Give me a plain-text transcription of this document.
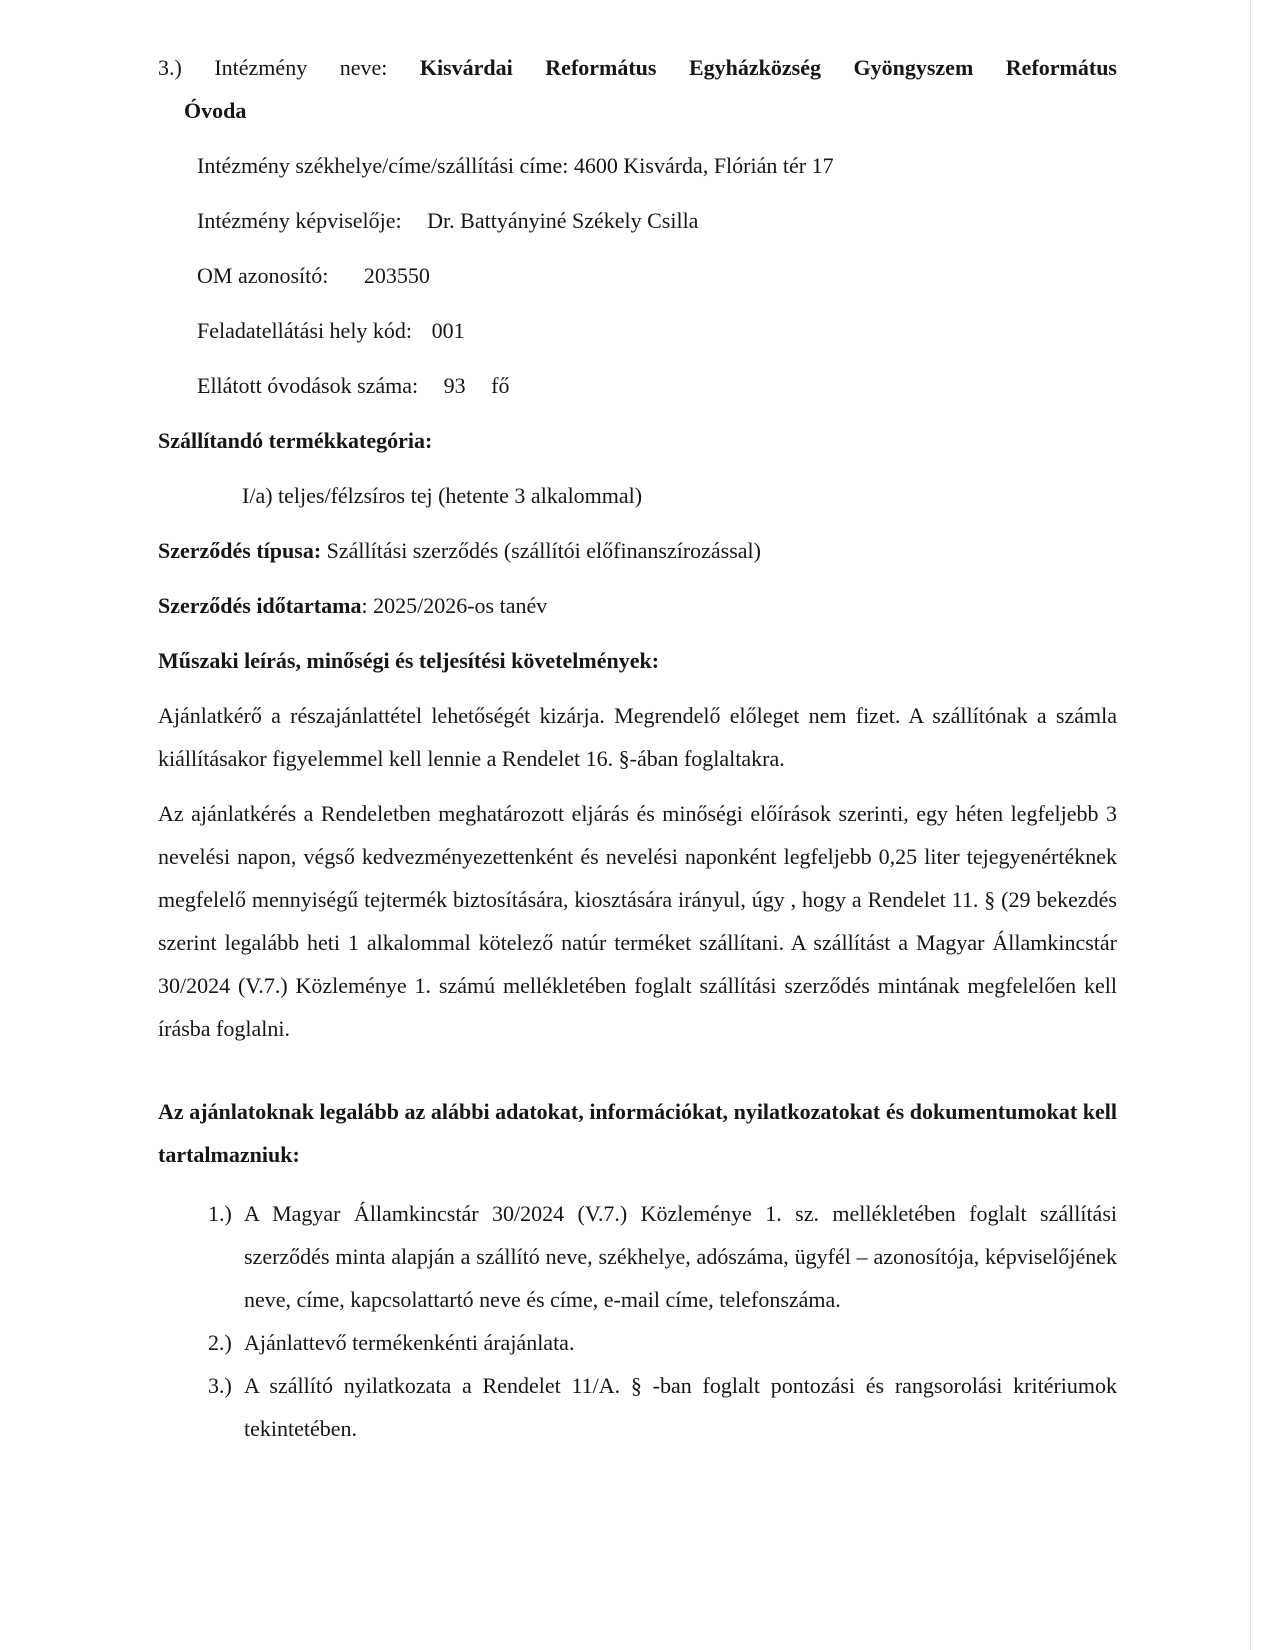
3.) Intézmény neve: Kisvárdai Református Egyházközség Gyöngyszem Református
Óvoda
Intézmény székhelye/címe/szállítási címe: 4600 Kisvárda, Flórián tér 17
Intézmény képviselője: Dr. Battyányiné Székely Csilla
OM azonosító: 203550
Feladatellátási hely kód: 001
Ellátott óvodások száma: 93 fő
Szállítandó termékkategória:
I/a) teljes/félzsíros tej (hetente 3 alkalommal)
Szerződés típusa: Szállítási szerződés (szállítói előfinanszírozással)
Szerződés időtartama: 2025/2026-os tanév
Műszaki leírás, minőségi és teljesítési követelmények:
Ajánlatkérő a részajánlattétel lehetőségét kizárja. Megrendelő előleget nem fizet. A szállítónak a számla kiállításakor figyelemmel kell lennie a Rendelet 16. §-ában foglaltakra.
Az ajánlatkérés a Rendeletben meghatározott eljárás és minőségi előírások szerinti, egy héten legfeljebb 3 nevelési napon, végső kedvezményezettenként és nevelési naponként legfeljebb 0,25 liter tejegyenértéknek megfelelő mennyiségű tejtermék biztosítására, kiosztására irányul, úgy , hogy a Rendelet 11. § (29 bekezdés szerint legalább heti 1 alkalommal kötelező natúr terméket szállítani. A szállítást a Magyar Államkincstár 30/2024 (V.7.) Közleménye 1. számú mellékletében foglalt szállítási szerződés mintának megfelelően kell írásba foglalni.
Az ajánlatoknak legalább az alábbi adatokat, információkat, nyilatkozatokat és dokumentumokat kell tartalmazniuk:
1.) A Magyar Államkincstár 30/2024 (V.7.) Közleménye 1. sz. mellékletében foglalt szállítási szerződés minta alapján a szállító neve, székhelye, adószáma, ügyfél – azonosítója, képviselőjének neve, címe, kapcsolattartó neve és címe, e-mail címe, telefonszáma.
2.) Ajánlattevő termékenkénti árajánlata.
3.) A szállító nyilatkozata a Rendelet 11/A. § -ban foglalt pontozási és rangsorolási kritériumok tekintetében.
